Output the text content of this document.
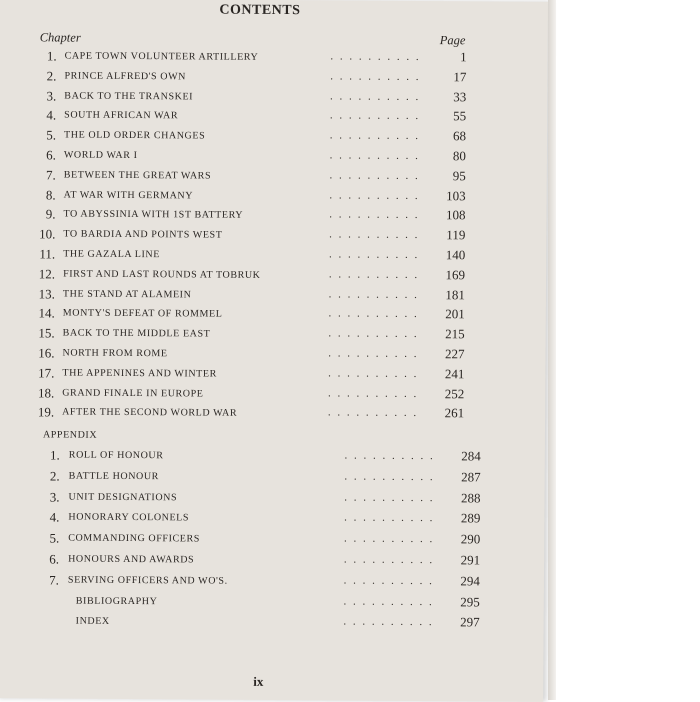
CONTENTS
Chapter	Page
1. CAPE TOWN VOLUNTEER ARTILLERY	. . . . . . . . . .	1
2. PRINCE ALFRED'S OWN	. . . . . . . . . .	17
3. BACK TO THE TRANSKEI	. . . . . . . . . .	33
4. SOUTH AFRICAN WAR	. . . . . . . . . .	55
5. THE OLD ORDER CHANGES	. . . . . . . . . .	68
6. WORLD WAR I	. . . . . . . . . .	80
7. BETWEEN THE GREAT WARS	. . . . . . . . . .	95
8. AT WAR WITH GERMANY	. . . . . . . . . .	103
9. TO ABYSSINIA WITH 1ST BATTERY	. . . . . . . . . .	108
10. TO BARDIA AND POINTS WEST	. . . . . . . . . .	119
11. THE GAZALA LINE	. . . . . . . . . .	140
12. FIRST AND LAST ROUNDS AT TOBRUK	. . . . . . . . . .	169
13. THE STAND AT ALAMEIN	. . . . . . . . . .	181
14. MONTY'S DEFEAT OF ROMMEL	. . . . . . . . . .	201
15. BACK TO THE MIDDLE EAST	. . . . . . . . . .	215
16. NORTH FROM ROME	. . . . . . . . . .	227
17. THE APPENINES AND WINTER	. . . . . . . . . .	241
18. GRAND FINALE IN EUROPE	. . . . . . . . . .	252
19. AFTER THE SECOND WORLD WAR	. . . . . . . . . .	261
APPENDIX
1. ROLL OF HONOUR	. . . . . . . . . .	284
2. BATTLE HONOUR	. . . . . . . . . .	287
3. UNIT DESIGNATIONS	. . . . . . . . . .	288
4. HONORARY COLONELS	. . . . . . . . . .	289
5. COMMANDING OFFICERS	. . . . . . . . . .	290
6. HONOURS AND AWARDS	. . . . . . . . . .	291
7. SERVING OFFICERS AND WO'S.	. . . . . . . . . .	294
BIBLIOGRAPHY	. . . . . . . . . .	295
INDEX	. . . . . . . . . .	297
ix
